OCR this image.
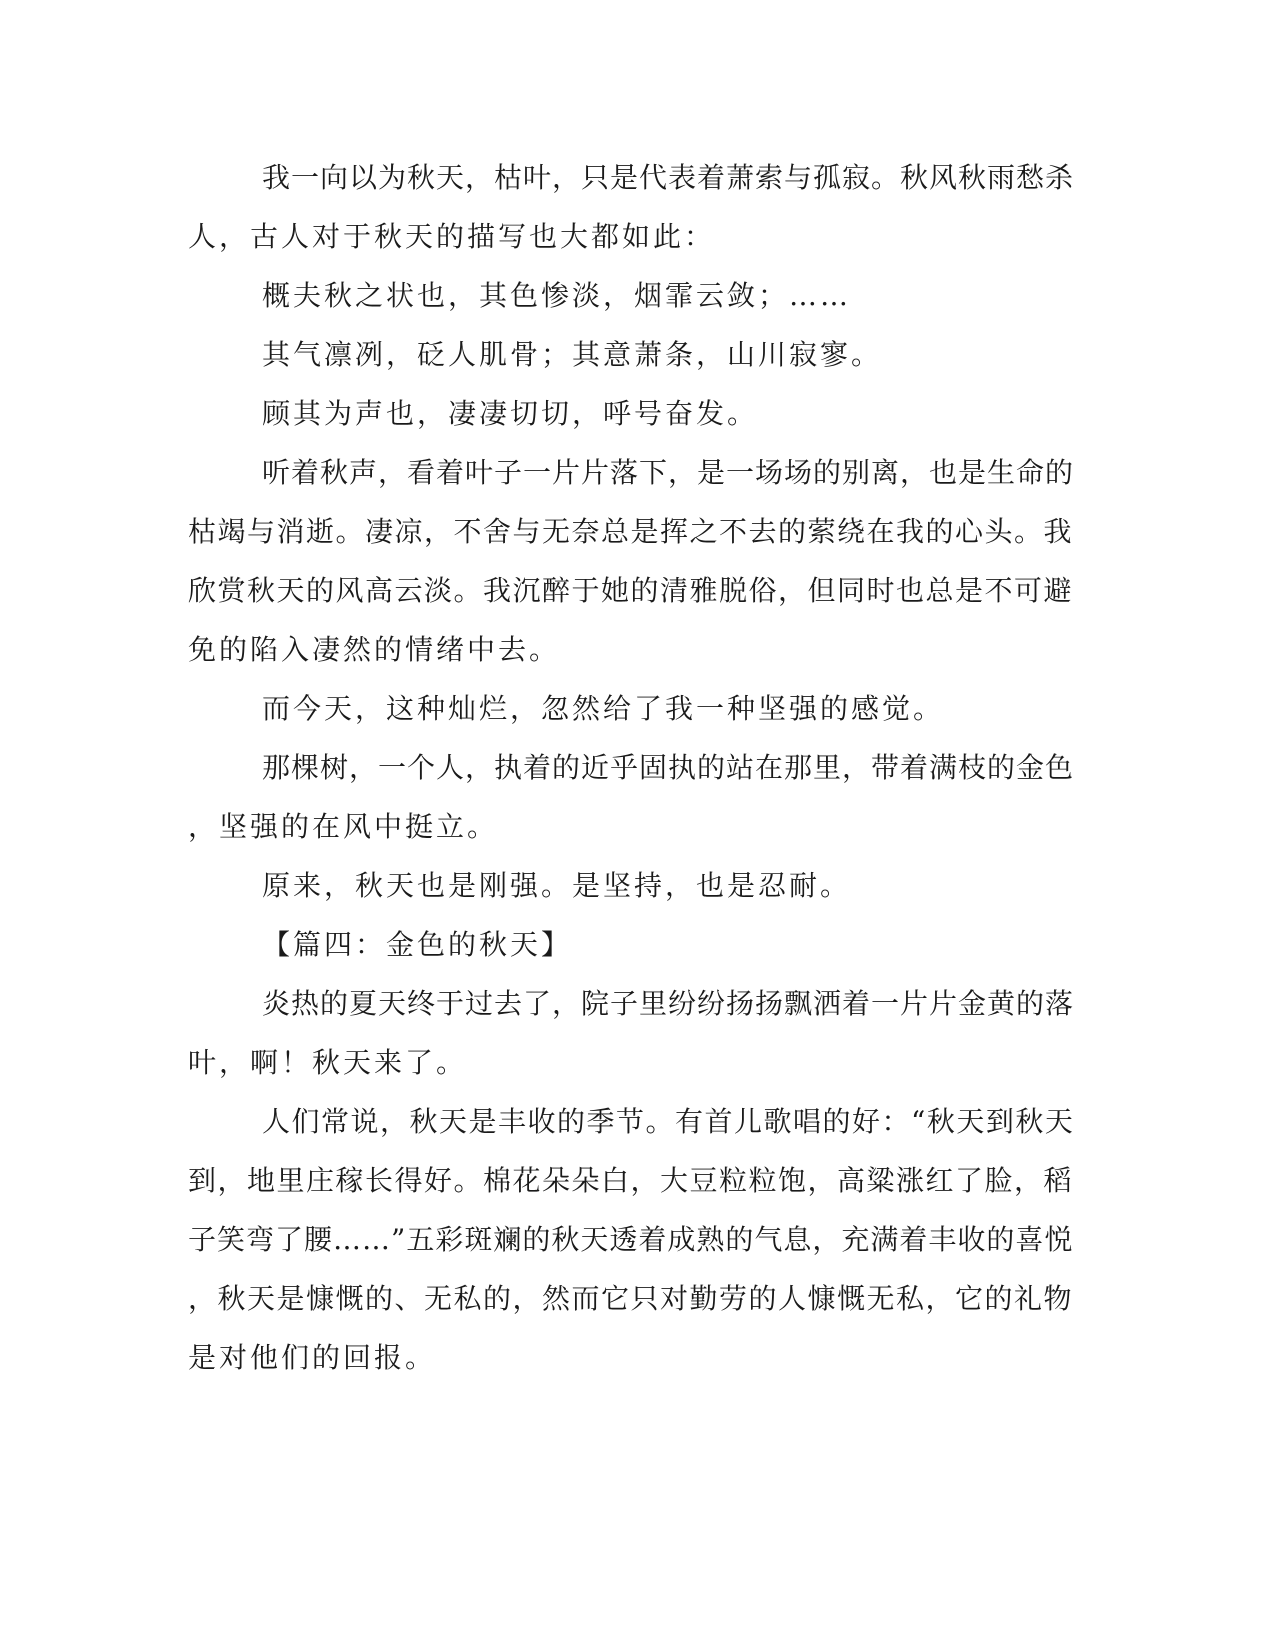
我一向以为秋天，枯叶，只是代表着萧索与孤寂。秋风秋雨愁杀
人，古人对于秋天的描写也大都如此：
概夫秋之状也，其色惨淡，烟霏云敛；……
其气凛冽，砭人肌骨；其意萧条，山川寂寥。
顾其为声也，凄凄切切，呼号奋发。
听着秋声，看着叶子一片片落下，是一场场的别离，也是生命的
枯竭与消逝。凄凉，不舍与无奈总是挥之不去的萦绕在我的心头。我
欣赏秋天的风高云淡。我沉醉于她的清雅脱俗，但同时也总是不可避
免的陷入凄然的情绪中去。
而今天，这种灿烂，忽然给了我一种坚强的感觉。
那棵树，一个人，执着的近乎固执的站在那里，带着满枝的金色
，坚强的在风中挺立。
原来，秋天也是刚强。是坚持，也是忍耐。
【篇四：金色的秋天】
炎热的夏天终于过去了，院子里纷纷扬扬飘洒着一片片金黄的落
叶，啊！秋天来了。
人们常说，秋天是丰收的季节。有首儿歌唱的好：“秋天到秋天
到，地里庄稼长得好。棉花朵朵白，大豆粒粒饱，高粱涨红了脸，稻
子笑弯了腰……”五彩斑斓的秋天透着成熟的气息，充满着丰收的喜悦
，秋天是慷慨的、无私的，然而它只对勤劳的人慷慨无私，它的礼物
是对他们的回报。
